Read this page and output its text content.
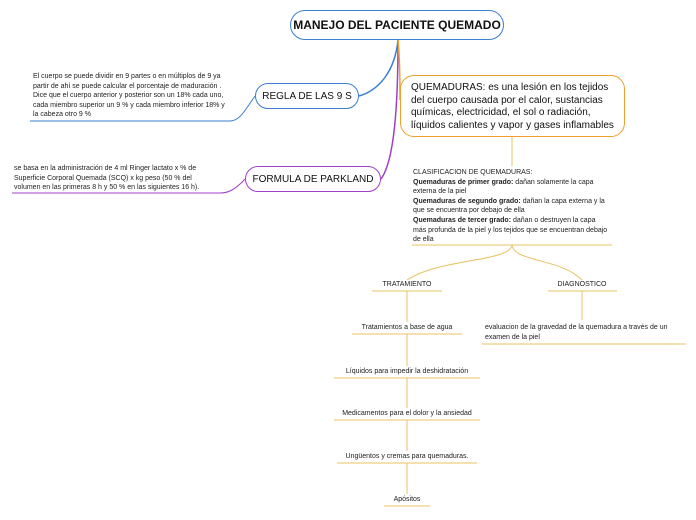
MANEJO DEL PACIENTE QUEMADO
REGLA DE LAS 9 S
El cuerpo se puede dividir en 9 partes o en múltiplos de 9 ya partir de ahí se puede calcular el porcentaje de maduración . Dice que el cuerpo anterior y posterior son un 18% cada uno, cada miembro superior un 9 % y cada miembro inferior 18% y la cabeza otro 9 %
FORMULA DE PARKLAND
se basa en la administración de 4 ml Ringer lactato x % de Superficie Corporal Quemada (SCQ) x kg peso (50 % del volumen en las primeras 8 h y 50 % en las siguientes 16 h).
QUEMADURAS: es una lesión en los tejidos del cuerpo causada por el calor, sustancias químicas, electricidad, el sol o radiación, líquidos calientes y vapor y gases inflamables
CLASIFICACION DE QUEMADURAS:
Quemaduras de primer grado: dañan solamente la capa externa de la piel
Quemaduras de segundo grado: dañan la capa externa y la que se encuentra por debajo de ella
Quemaduras de tercer grado: dañan o destruyen la capa más profunda de la piel y los tejidos que se encuentran debajo de ella
TRATAMIENTO	DIAGNOSTICO
Tratamientos a base de agua
Líquidos para impedir la deshidratación
Medicamentos para el dolor y la ansiedad
Ungüentos y cremas para quemaduras.
Apósitos
evaluacion de la gravedad de la quemadura a través de un examen de la piel
